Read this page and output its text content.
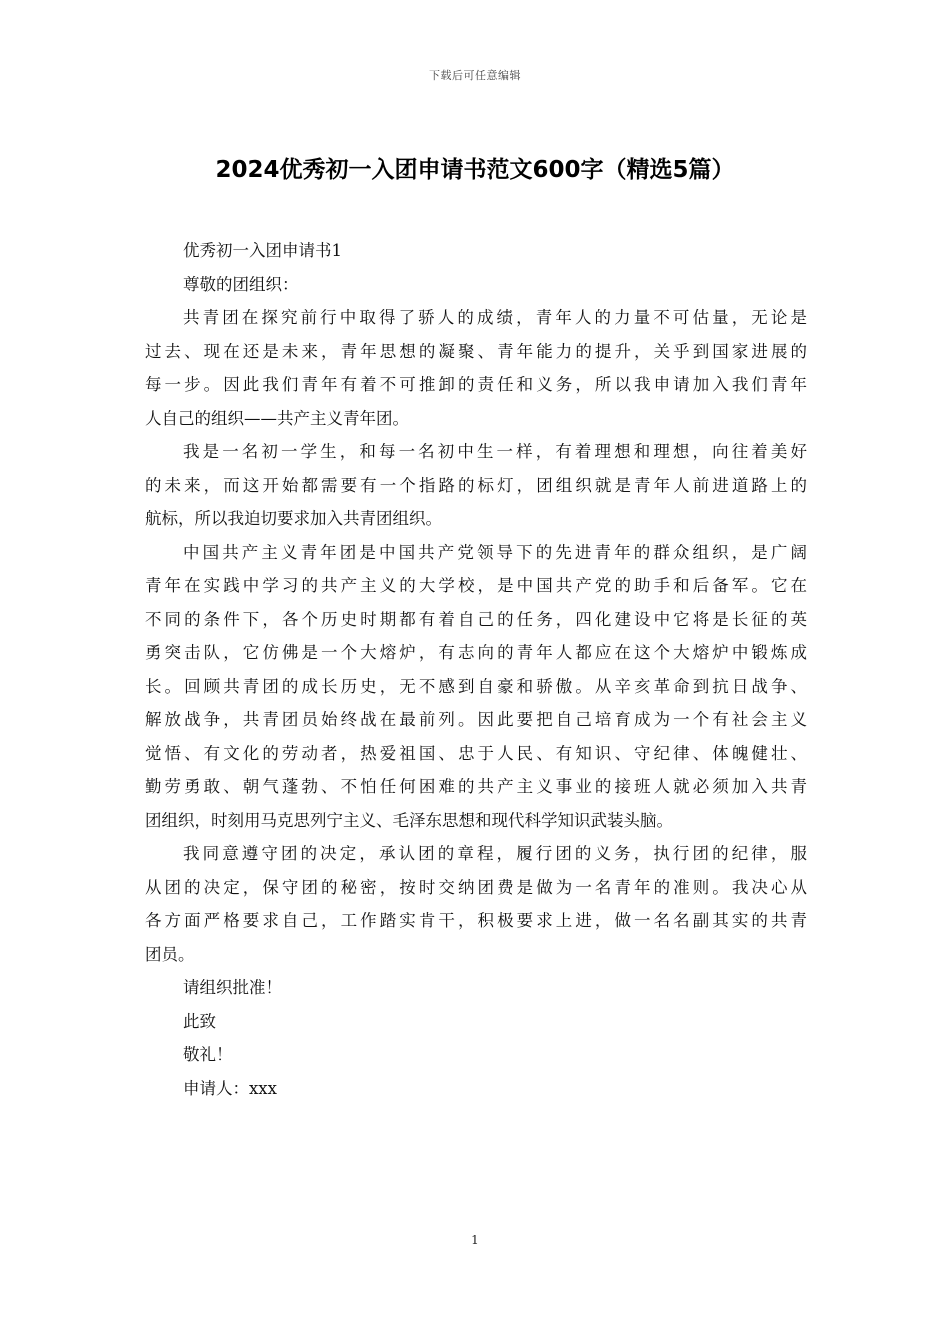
下载后可任意编辑
2024优秀初一入团申请书范文600字（精选5篇）
优秀初一入团申请书1
尊敬的团组织：
共青团在探究前行中取得了骄人的成绩，青年人的力量不可估量，无论是
过去、现在还是未来，青年思想的凝聚、青年能力的提升，关乎到国家进展的
每一步。因此我们青年有着不可推卸的责任和义务，所以我申请加入我们青年
人自己的组织——共产主义青年团。
我是一名初一学生，和每一名初中生一样，有着理想和理想，向往着美好
的未来，而这开始都需要有一个指路的标灯，团组织就是青年人前进道路上的
航标，所以我迫切要求加入共青团组织。
中国共产主义青年团是中国共产党领导下的先进青年的群众组织，是广阔
青年在实践中学习的共产主义的大学校，是中国共产党的助手和后备军。它在
不同的条件下，各个历史时期都有着自己的任务，四化建设中它将是长征的英
勇突击队，它仿佛是一个大熔炉，有志向的青年人都应在这个大熔炉中锻炼成
长。回顾共青团的成长历史，无不感到自豪和骄傲。从辛亥革命到抗日战争、
解放战争，共青团员始终战在最前列。因此要把自己培育成为一个有社会主义
觉悟、有文化的劳动者，热爱祖国、忠于人民、有知识、守纪律、体魄健壮、
勤劳勇敢、朝气蓬勃、不怕任何困难的共产主义事业的接班人就必须加入共青
团组织，时刻用马克思列宁主义、毛泽东思想和现代科学知识武装头脑。
我同意遵守团的决定，承认团的章程，履行团的义务，执行团的纪律，服
从团的决定，保守团的秘密，按时交纳团费是做为一名青年的准则。我决心从
各方面严格要求自己，工作踏实肯干，积极要求上进，做一名名副其实的共青
团员。
请组织批准！
此致
敬礼！
申请人：xxx
1
